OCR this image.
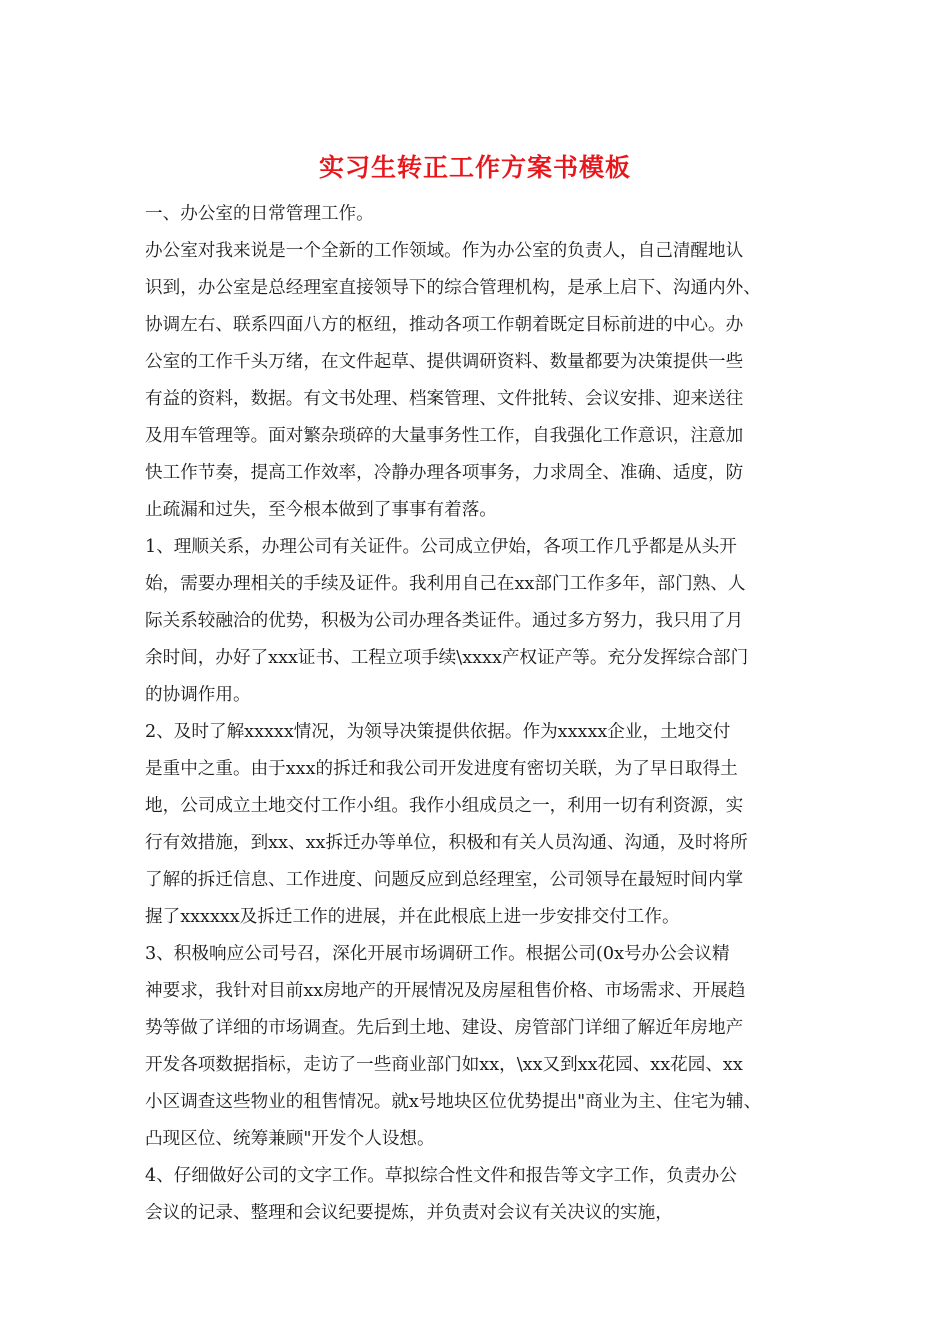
实习生转正工作方案书模板
一、办公室的日常管理工作。
办公室对我来说是一个全新的工作领域。作为办公室的负责人，自己清醒地认
识到，办公室是总经理室直接领导下的综合管理机构，是承上启下、沟通内外、
协调左右、联系四面八方的枢纽，推动各项工作朝着既定目标前进的中心。办
公室的工作千头万绪，在文件起草、提供调研资料、数量都要为决策提供一些
有益的资料，数据。有文书处理、档案管理、文件批转、会议安排、迎来送往
及用车管理等。面对繁杂琐碎的大量事务性工作，自我强化工作意识，注意加
快工作节奏，提高工作效率，冷静办理各项事务，力求周全、准确、适度，防
止疏漏和过失，至今根本做到了事事有着落。
1、理顺关系，办理公司有关证件。公司成立伊始，各项工作几乎都是从头开
始，需要办理相关的手续及证件。我利用自己在xx部门工作多年，部门熟、人
际关系较融洽的优势，积极为公司办理各类证件。通过多方努力，我只用了月
余时间，办好了xxx证书、工程立项手续\xxxx产权证产等。充分发挥综合部门
的协调作用。
2、及时了解xxxxx情况，为领导决策提供依据。作为xxxxx企业，土地交付
是重中之重。由于xxx的拆迁和我公司开发进度有密切关联，为了早日取得土
地，公司成立土地交付工作小组。我作小组成员之一，利用一切有利资源，实
行有效措施，到xx、xx拆迁办等单位，积极和有关人员沟通、沟通，及时将所
了解的拆迁信息、工作进度、问题反应到总经理室，公司领导在最短时间内掌
握了xxxxxx及拆迁工作的进展，并在此根底上进一步安排交付工作。
3、积极响应公司号召，深化开展市场调研工作。根据公司(0x号办公会议精
神要求，我针对目前xx房地产的开展情况及房屋租售价格、市场需求、开展趋
势等做了详细的市场调查。先后到土地、建设、房管部门详细了解近年房地产
开发各项数据指标，走访了一些商业部门如xx，\xx又到xx花园、xx花园、xx
小区调查这些物业的租售情况。就x号地块区位优势提出"商业为主、住宅为辅、
凸现区位、统筹兼顾"开发个人设想。
4、仔细做好公司的文字工作。草拟综合性文件和报告等文字工作，负责办公
会议的记录、整理和会议纪要提炼，并负责对会议有关决议的实施，
